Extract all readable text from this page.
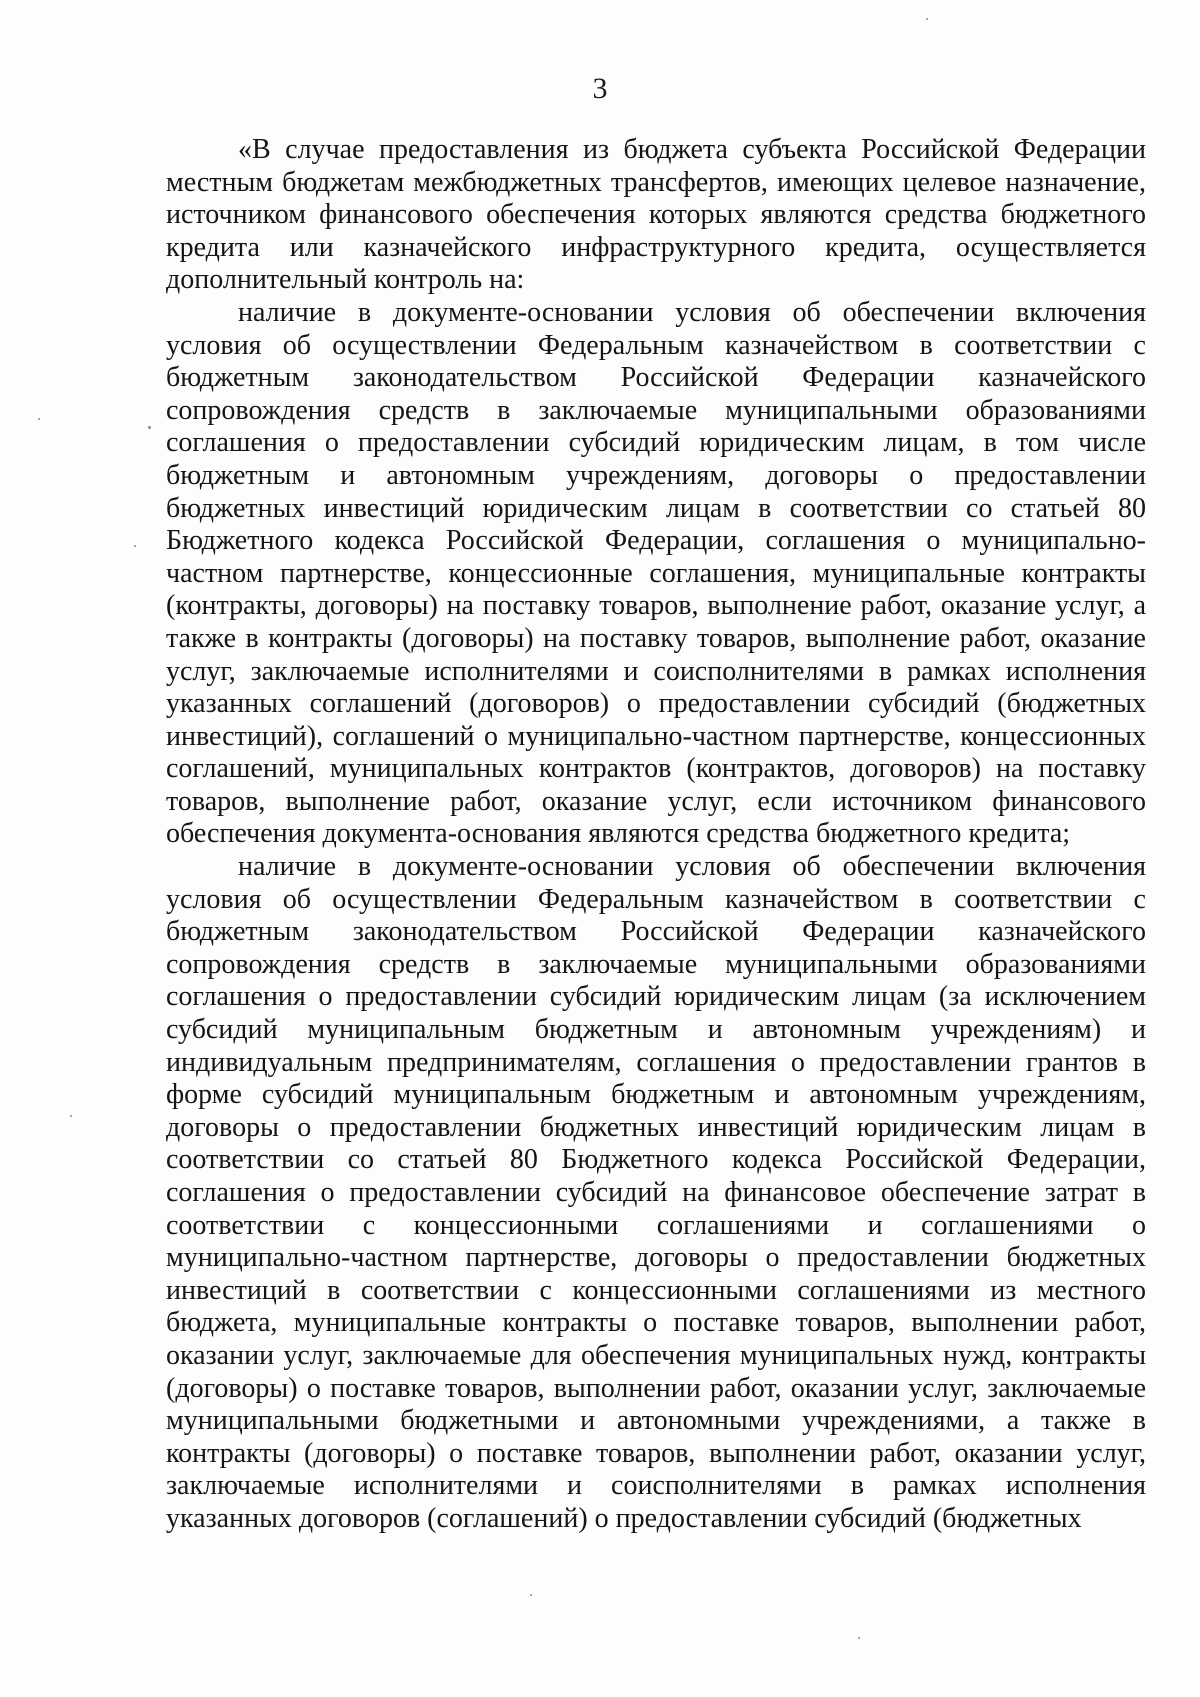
3

«В случае предоставления из бюджета субъекта Российской Федерации местным бюджетам межбюджетных трансфертов, имеющих целевое назначение, источником финансового обеспечения которых являются средства бюджетного кредита или казначейского инфраструктурного кредита, осуществляется дополнительный контроль на:

наличие в документе-основании условия об обеспечении включения условия об осуществлении Федеральным казначейством в соответствии с бюджетным законодательством Российской Федерации казначейского сопровождения средств в заключаемые муниципальными образованиями соглашения о предоставлении субсидий юридическим лицам, в том числе бюджетным и автономным учреждениям, договоры о предоставлении бюджетных инвестиций юридическим лицам в соответствии со статьей 80 Бюджетного кодекса Российской Федерации, соглашения о муниципально-частном партнерстве, концессионные соглашения, муниципальные контракты (контракты, договоры) на поставку товаров, выполнение работ, оказание услуг, а также в контракты (договоры) на поставку товаров, выполнение работ, оказание услуг, заключаемые исполнителями и соисполнителями в рамках исполнения указанных соглашений (договоров) о предоставлении субсидий (бюджетных инвестиций), соглашений о муниципально-частном партнерстве, концессионных соглашений, муниципальных контрактов (контрактов, договоров) на поставку товаров, выполнение работ, оказание услуг, если источником финансового обеспечения документа-основания являются средства бюджетного кредита;

наличие в документе-основании условия об обеспечении включения условия об осуществлении Федеральным казначейством в соответствии с бюджетным законодательством Российской Федерации казначейского сопровождения средств в заключаемые муниципальными образованиями соглашения о предоставлении субсидий юридическим лицам (за исключением субсидий муниципальным бюджетным и автономным учреждениям) и индивидуальным предпринимателям, соглашения о предоставлении грантов в форме субсидий муниципальным бюджетным и автономным учреждениям, договоры о предоставлении бюджетных инвестиций юридическим лицам в соответствии со статьей 80 Бюджетного кодекса Российской Федерации, соглашения о предоставлении субсидий на финансовое обеспечение затрат в соответствии с концессионными соглашениями и соглашениями о муниципально-частном партнерстве, договоры о предоставлении бюджетных инвестиций в соответствии с концессионными соглашениями из местного бюджета, муниципальные контракты о поставке товаров, выполнении работ, оказании услуг, заключаемые для обеспечения муниципальных нужд, контракты (договоры) о поставке товаров, выполнении работ, оказании услуг, заключаемые муниципальными бюджетными и автономными учреждениями, а также в контракты (договоры) о поставке товаров, выполнении работ, оказании услуг, заключаемые исполнителями и соисполнителями в рамках исполнения указанных договоров (соглашений) о предоставлении субсидий (бюджетных
